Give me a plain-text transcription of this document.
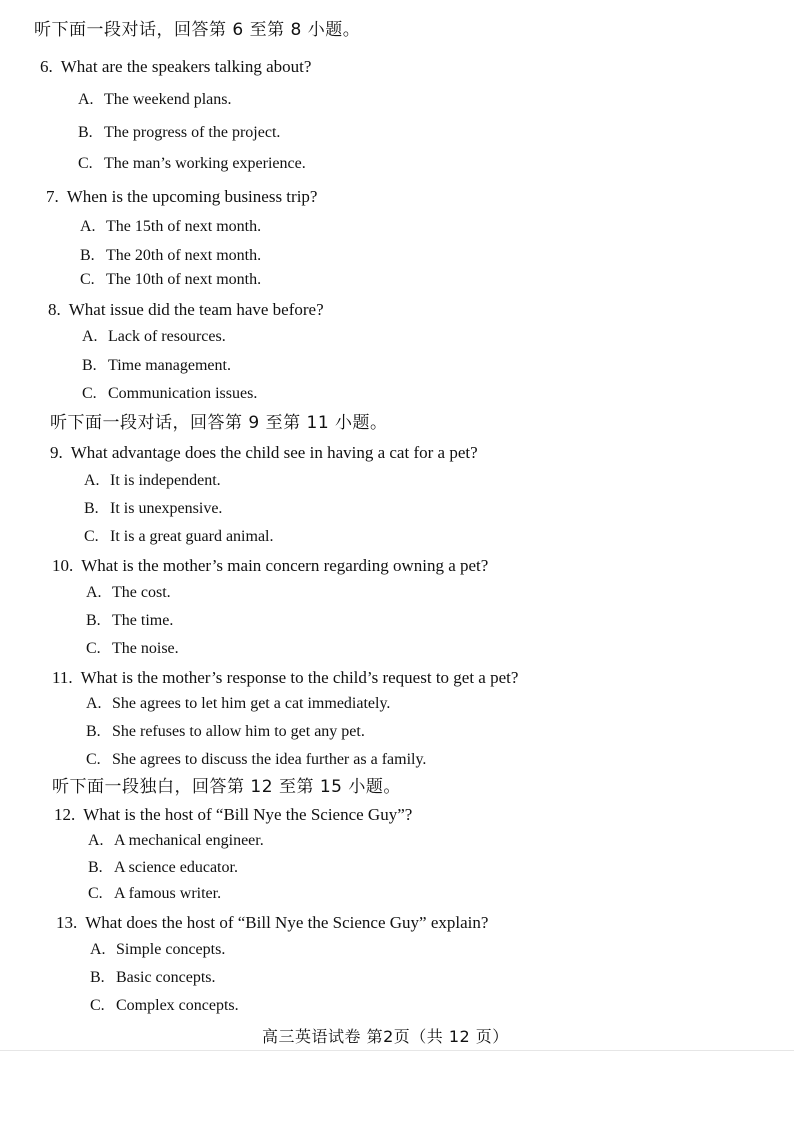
听下面一段对话，回答第 6 至第 8 小题。
6. What are the speakers talking about?
A. The weekend plans.
B. The progress of the project.
C. The man’s working experience.
7. When is the upcoming business trip?
A. The 15th of next month.
B. The 20th of next month.
C. The 10th of next month.
8. What issue did the team have before?
A. Lack of resources.
B. Time management.
C. Communication issues.
听下面一段对话，回答第 9 至第 11 小题。
9. What advantage does the child see in having a cat for a pet?
A. It is independent.
B. It is unexpensive.
C. It is a great guard animal.
10. What is the mother’s main concern regarding owning a pet?
A. The cost.
B. The time.
C. The noise.
11. What is the mother’s response to the child’s request to get a pet?
A. She agrees to let him get a cat immediately.
B. She refuses to allow him to get any pet.
C. She agrees to discuss the idea further as a family.
听下面一段独白，回答第 12 至第 15 小题。
12. What is the host of “Bill Nye the Science Guy”?
A. A mechanical engineer.
B. A science educator.
C. A famous writer.
13. What does the host of “Bill Nye the Science Guy” explain?
A. Simple concepts.
B. Basic concepts.
C. Complex concepts.
高三英语试卷 第2页（共 12 页）
